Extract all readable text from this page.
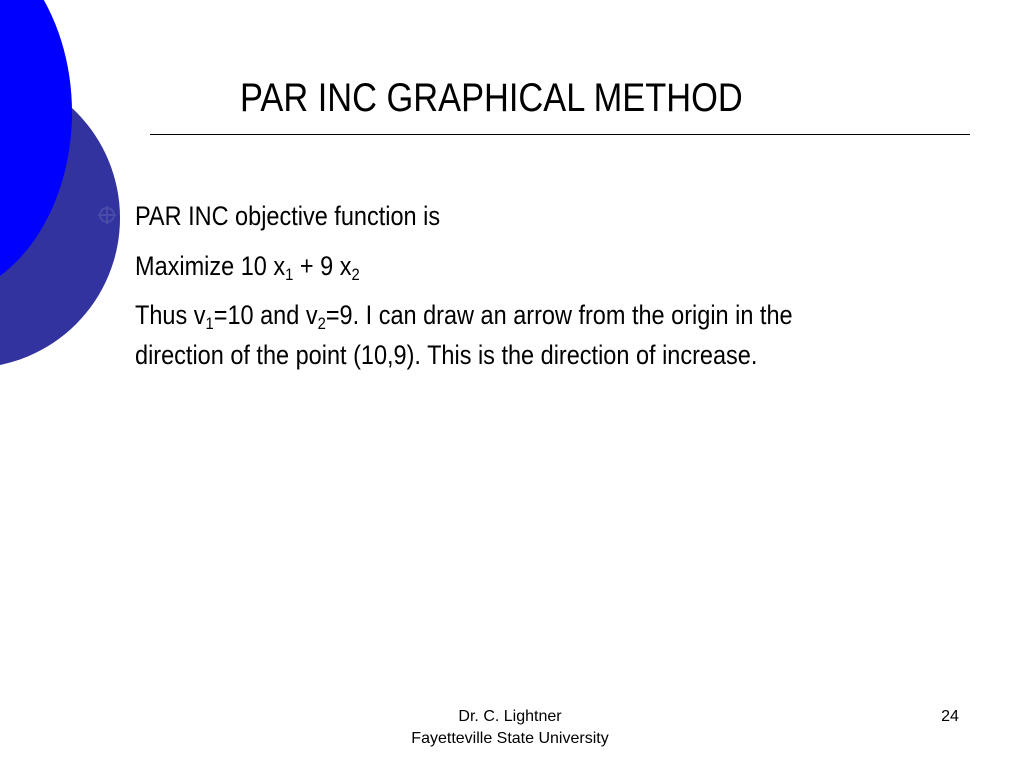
PAR INC GRAPHICAL METHOD
PAR INC objective function is
Maximize 10 $x_1 + 9$ $x_2$
Thus $v_1=10$ and $v_2=9$. I can draw an arrow from the origin in the
direction of the point (10,9). This is the direction of increase.
Dr. C. Lightner
Fayetteville State University
24
